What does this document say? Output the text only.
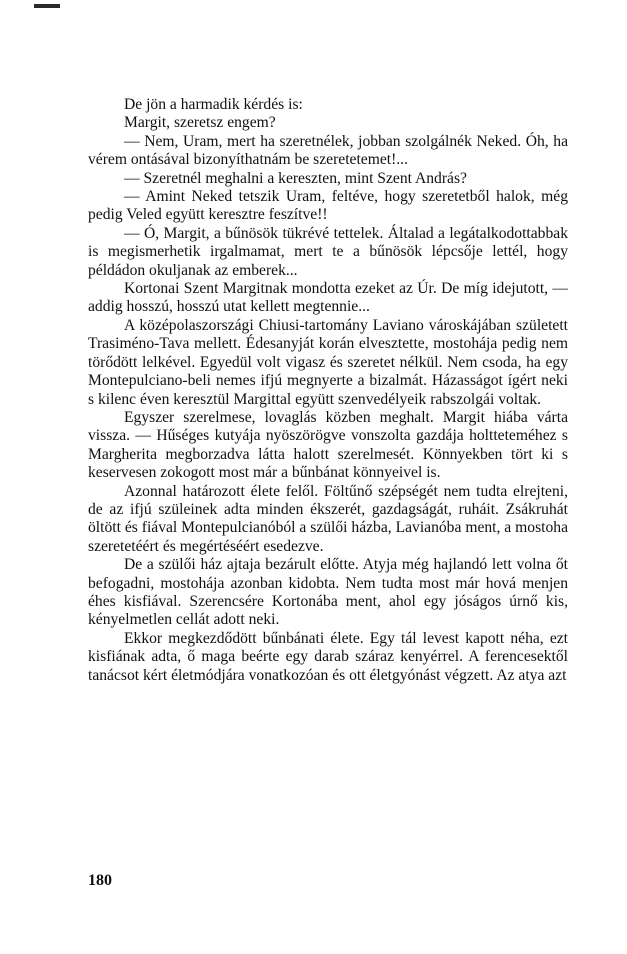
De jön a harmadik kérdés is:

Margit, szeretsz engem?

— Nem, Uram, mert ha szeretnélek, jobban szolgálnék Neked. Óh, ha vérem ontásával bizonyíthatnám be szeretetemet!...

— Szeretnél meghalni a kereszten, mint Szent András?

— Amint Neked tetszik Uram, feltéve, hogy szeretetből halok, még pedig Veled együtt keresztre feszítve!!

— Ó, Margit, a bűnösök tükrévé tettelek. Általad a legátalkodottabbak is megismerhetik irgalmamat, mert te a bűnösök lépcsője lettél, hogy példádon okuljanak az emberek...

Kortonai Szent Margitnak mondotta ezeket az Úr. De míg idejutott, — addig hosszú, hosszú utat kellett megtennie...

A középolaszországi Chiusi-tartomány Laviano városkájában született Trasiméno-Tava mellett. Édesanyját korán elvesztette, mostohája pedig nem törődött lelkével. Egyedül volt vigasz és szeretet nélkül. Nem csoda, ha egy Montepulciano-beli nemes ifjú megnyerte a bizalmát. Házasságot ígért neki s kilenc éven keresztül Margittal együtt szenvedélyeik rabszolgái voltak.

Egyszer szerelmese, lovaglás közben meghalt. Margit hiába várta vissza. — Hűséges kutyája nyöszörögve vonszolta gazdája holtteteméhez s Margherita megborzadva látta halott szerelmesét. Könnyekben tört ki s keservesen zokogott most már a bűnbánat könnyeivel is.

Azonnal határozott élete felől. Föltűnő szépségét nem tudta elrejteni, de az ifjú szüleinek adta minden ékszerét, gazdagságát, ruháit. Zsákruhát öltött és fiával Montepulcianóból a szülői házba, Lavianóba ment, a mostoha szeretetéért és megértéséért esedezve.

De a szülői ház ajtaja bezárult előtte. Atyja még hajlandó lett volna őt befogadni, mostohája azonban kidobta. Nem tudta most már hová menjen éhes kisfiával. Szerencsére Kortonába ment, ahol egy jóságos úrnő kis, kényelmetlen cellát adott neki.

Ekkor megkezdődött bűnbánati élete. Egy tál levest kapott néha, ezt kisfiának adta, ő maga beérte egy darab száraz kenyérrel. A ferencesektől tanácsot kért életmódjára vonatkozóan és ott életgyónást végzett. Az atya azt

180
